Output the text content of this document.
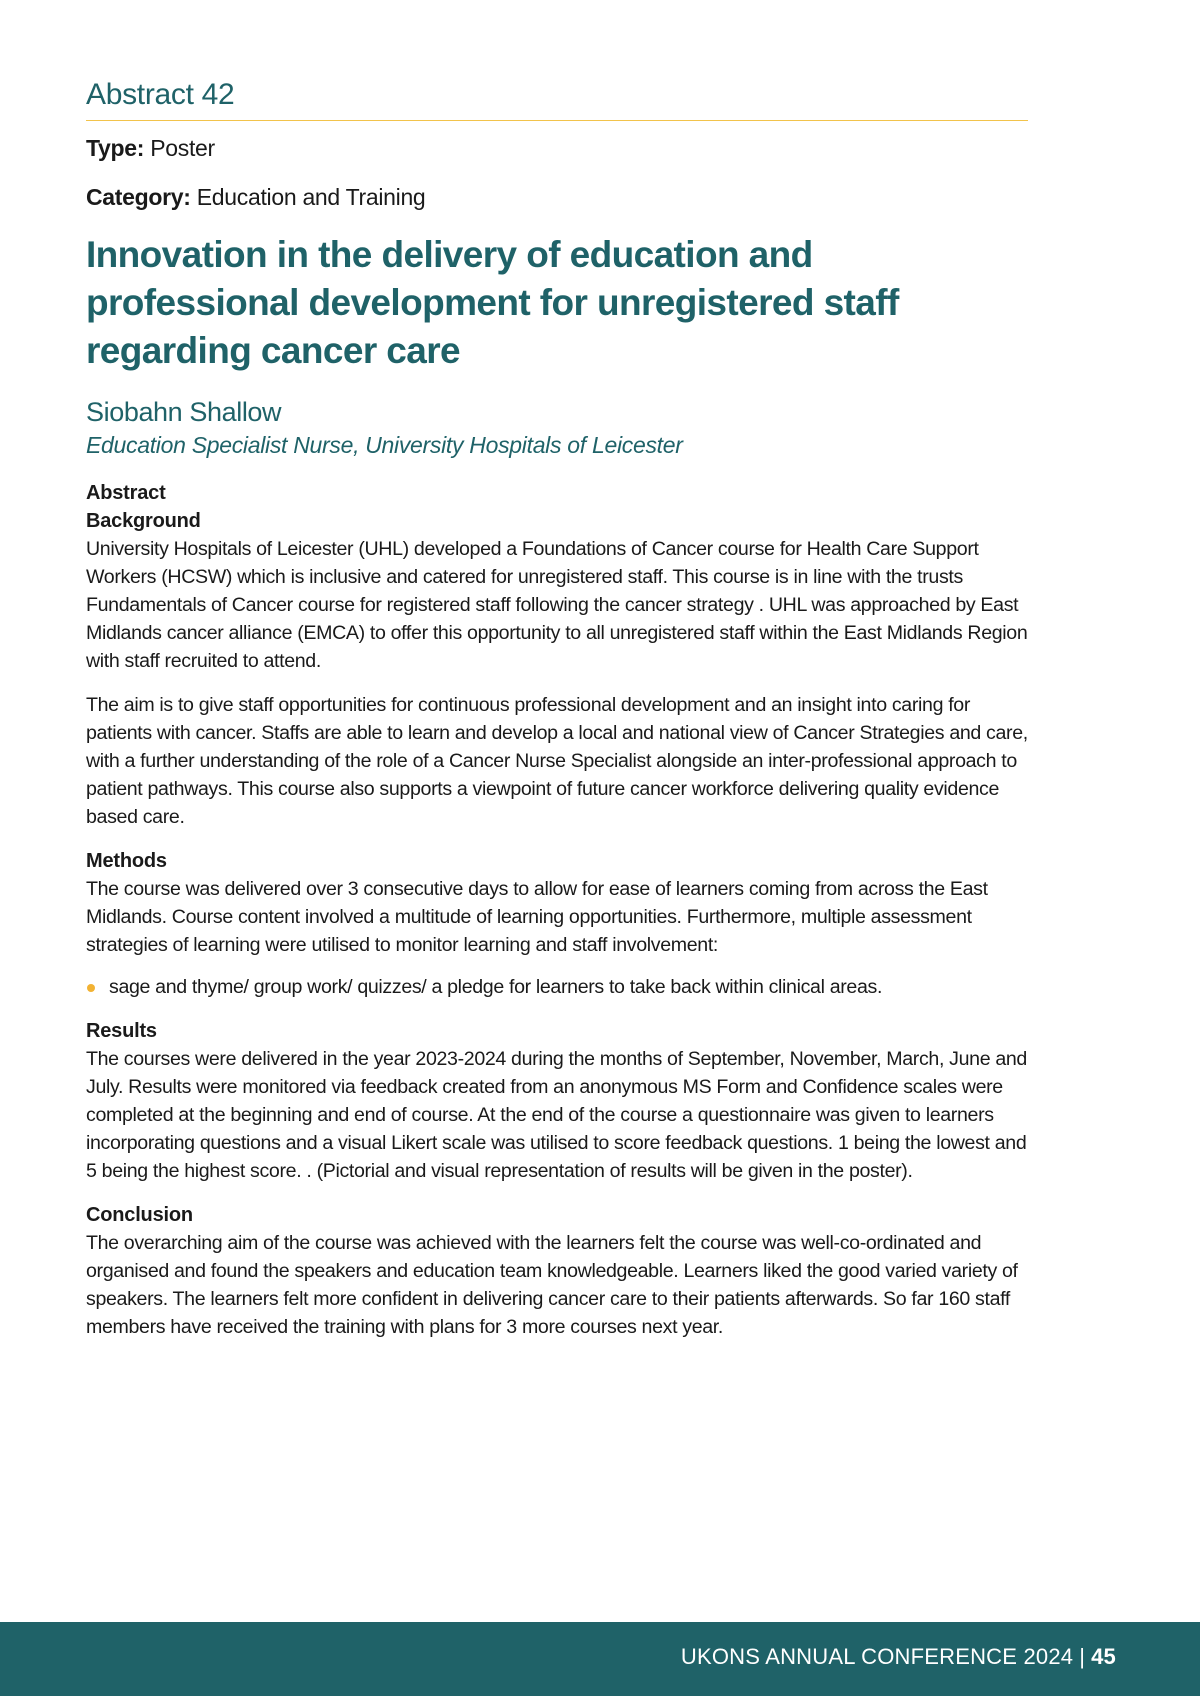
Abstract 42

Type: Poster

Category: Education and Training

Innovation in the delivery of education and professional development for unregistered staff regarding cancer care

Siobahn Shallow

Education Specialist Nurse, University Hospitals of Leicester

Abstract

Background

University Hospitals of Leicester (UHL) developed a Foundations of Cancer course for Health Care Support Workers (HCSW) which is inclusive and catered for unregistered staff. This course is in line with the trusts Fundamentals of Cancer course for registered staff following the cancer strategy . UHL was approached by East Midlands cancer alliance (EMCA) to offer this opportunity to all unregistered staff within the East Midlands Region with staff recruited to attend.

The aim is to give staff opportunities for continuous professional development and an insight into caring for patients with cancer. Staffs are able to learn and develop a local and national view of Cancer Strategies and care, with a further understanding of the role of a Cancer Nurse Specialist alongside an inter-professional approach to patient pathways. This course also supports a viewpoint of future cancer workforce delivering quality evidence based care.

Methods

The course was delivered over 3 consecutive days to allow for ease of learners coming from across the East Midlands. Course content involved a multitude of learning opportunities. Furthermore, multiple assessment strategies of learning were utilised to monitor learning and staff involvement:

sage and thyme/ group work/ quizzes/ a pledge for learners to take back within clinical areas.

Results

The courses were delivered in the year 2023-2024 during the months of September, November, March, June and July. Results were monitored via feedback created from an anonymous MS Form and Confidence scales were completed at the beginning and end of course. At the end of the course a questionnaire was given to learners incorporating questions and a visual Likert scale was utilised to score feedback questions. 1 being the lowest and 5 being the highest score. . (Pictorial and visual representation of results will be given in the poster).

Conclusion

The overarching aim of the course was achieved with the learners felt the course was well-co-ordinated and organised and found the speakers and education team knowledgeable. Learners liked the good varied variety of speakers. The learners felt more confident in delivering cancer care to their patients afterwards. So far 160 staff members have received the training with plans for 3 more courses next year.

UKONS ANNUAL CONFERENCE 2024 | 45
